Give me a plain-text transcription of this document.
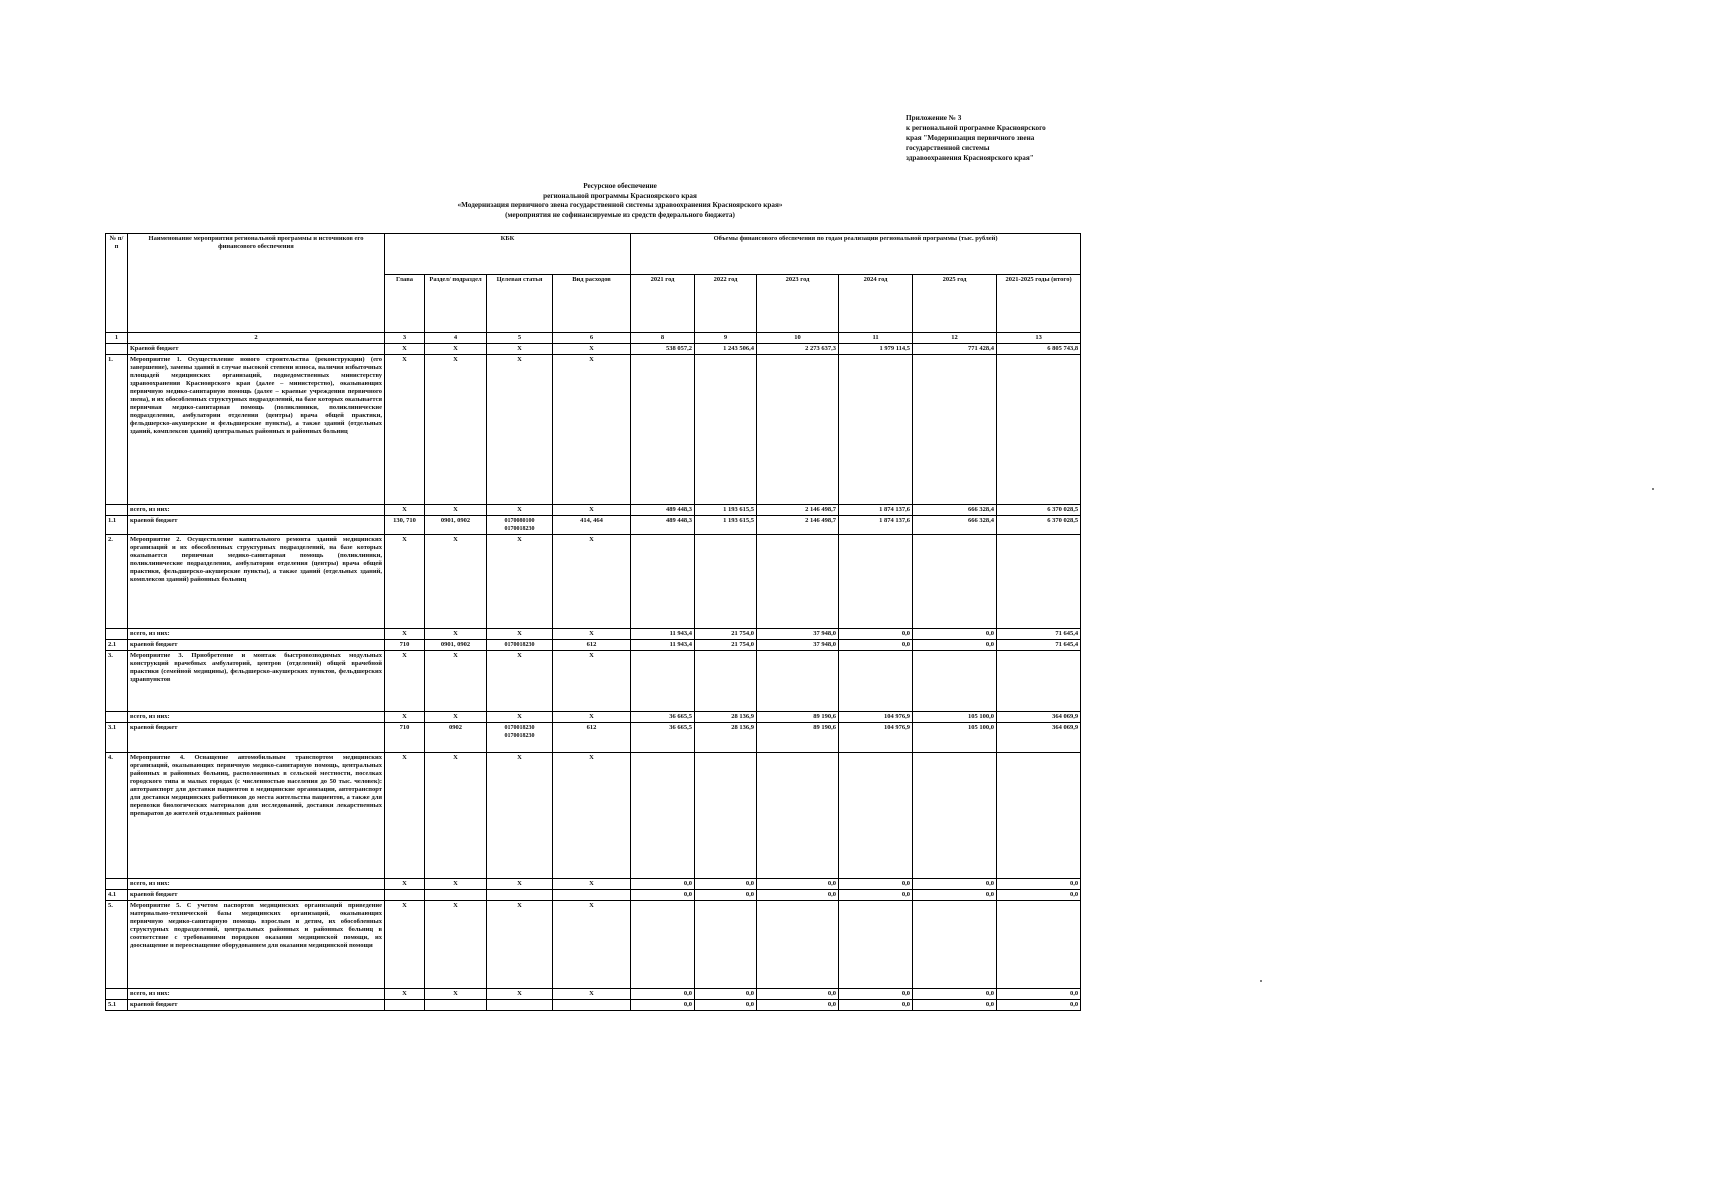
Приложение № 3
к региональной программе Красноярского
края "Модернизация первичного звена
государственной системы
здравоохранения Красноярского края"
Ресурсное обеспечение
региональной программы Красноярского края
«Модернизация первичного звена государственной системы здравоохранения Красноярского края»
(мероприятия не софинансируемые из средств федерального бюджета)
№ п/п	Наименование мероприятия региональной программы и источников его финансового обеспечения	КБК				Объемы финансового обеспечения по годам реализации региональной программы (тыс. рублей)					
		Глава	Раздел/ подраздел	Целевая статья	Вид расходов	2021 год	2022 год	2023 год	2024 год	2025 год	2021-2025 годы (итого)
1	2	3	4	5	6	8	9	10	11	12	13
	Краевой бюджет	X	X	X	X	538 057,2	1 243 506,4	2 273 637,3	1 979 114,5	771 428,4	6 805 743,8
1.	Мероприятие 1. Осуществление нового строительства (реконструкции) (его завершение), замены зданий в случае высокой степени износа, наличия избыточных площадей медицинских организаций, подведомственных министерству здравоохранения Красноярского края (далее – министерство), оказывающих первичную медико-санитарную помощь (далее – краевые учреждения первичного звена), и их обособленных структурных подразделений, на базе которых оказывается первичная медико-санитарная помощь (поликлиники, поликлинические подразделения, амбулатории отделения (центры) врача общей практики, фельдшерско-акушерские и фельдшерские пункты), а также зданий (отдельных зданий, комплексов зданий) центральных районных и районных больниц	X	X	X	X						
	всего, из них:	X	X	X	X	489 448,3	1 193 615,5	2 146 498,7	1 874 137,6	666 328,4	6 370 028,5
1.1	краевой бюджет	130, 710	0901, 0902	0170080100 0170018230	414, 464	489 448,3	1 193 615,5	2 146 498,7	1 874 137,6	666 328,4	6 370 028,5
2.	Мероприятие 2. Осуществление капитального ремонта зданий медицинских организаций и их обособленных структурных подразделений, на базе которых оказывается первичная медико-санитарная помощь (поликлиники, поликлинические подразделения, амбулатории отделения (центры) врача общей практики, фельдшерско-акушерские пункты), а также зданий (отдельных зданий, комплексов зданий) районных больниц	X	X	X	X						
	всего, из них:	X	X	X	X	11 943,4	21 754,0	37 948,0	0,0	0,0	71 645,4
2.1	краевой бюджет	710	0901, 0902	0170018230	612	11 943,4	21 754,0	37 948,0	0,0	0,0	71 645,4
3.	Мероприятие 3. Приобретение и монтаж быстровозводимых модульных конструкций врачебных амбулаторий, центров (отделений) общей врачебной практики (семейной медицины), фельдшерско-акушерских пунктов, фельдшерских здравпунктов	X	X	X	X						
	всего, из них:	X	X	X	X	36 665,5	28 136,9	89 190,6	104 976,9	105 100,0	364 069,9
3.1	краевой бюджет	710	0902	0170018230 0170018230	612	36 665,5	28 136,9	89 190,6	104 976,9	105 100,0	364 069,9
4.	Мероприятие 4. Оснащение автомобильным транспортом медицинских организаций, оказывающих первичную медико-санитарную помощь, центральных районных и районных больниц, расположенных в сельской местности, поселках городского типа и малых городах (с численностью населения до 50 тыс. человек): автотранспорт для доставки пациентов в медицинские организации, автотранспорт для доставки медицинских работников до места жительства пациентов, а также для перевозки биологических материалов для исследований, доставки лекарственных препаратов до жителей отдаленных районов	X	X	X	X						
	всего, из них:	X	X	X	X	0,0	0,0	0,0	0,0	0,0	0,0
4.1	краевой бюджет					0,0	0,0	0,0	0,0	0,0	0,0
5.	Мероприятие 5. С учетом паспортов медицинских организаций приведение материально-технической базы медицинских организаций, оказывающих первичную медико-санитарную помощь взрослым и детям, их обособленных структурных подразделений, центральных районных и районных больниц в соответствие с требованиями порядков оказания медицинской помощи, их дооснащение и переоснащение оборудованием для оказания медицинской помощи	X	X	X	X						
	всего, из них:	X	X	X	X	0,0	0,0	0,0	0,0	0,0	0,0
5.1	краевой бюджет					0,0	0,0	0,0	0,0	0,0	0,0
